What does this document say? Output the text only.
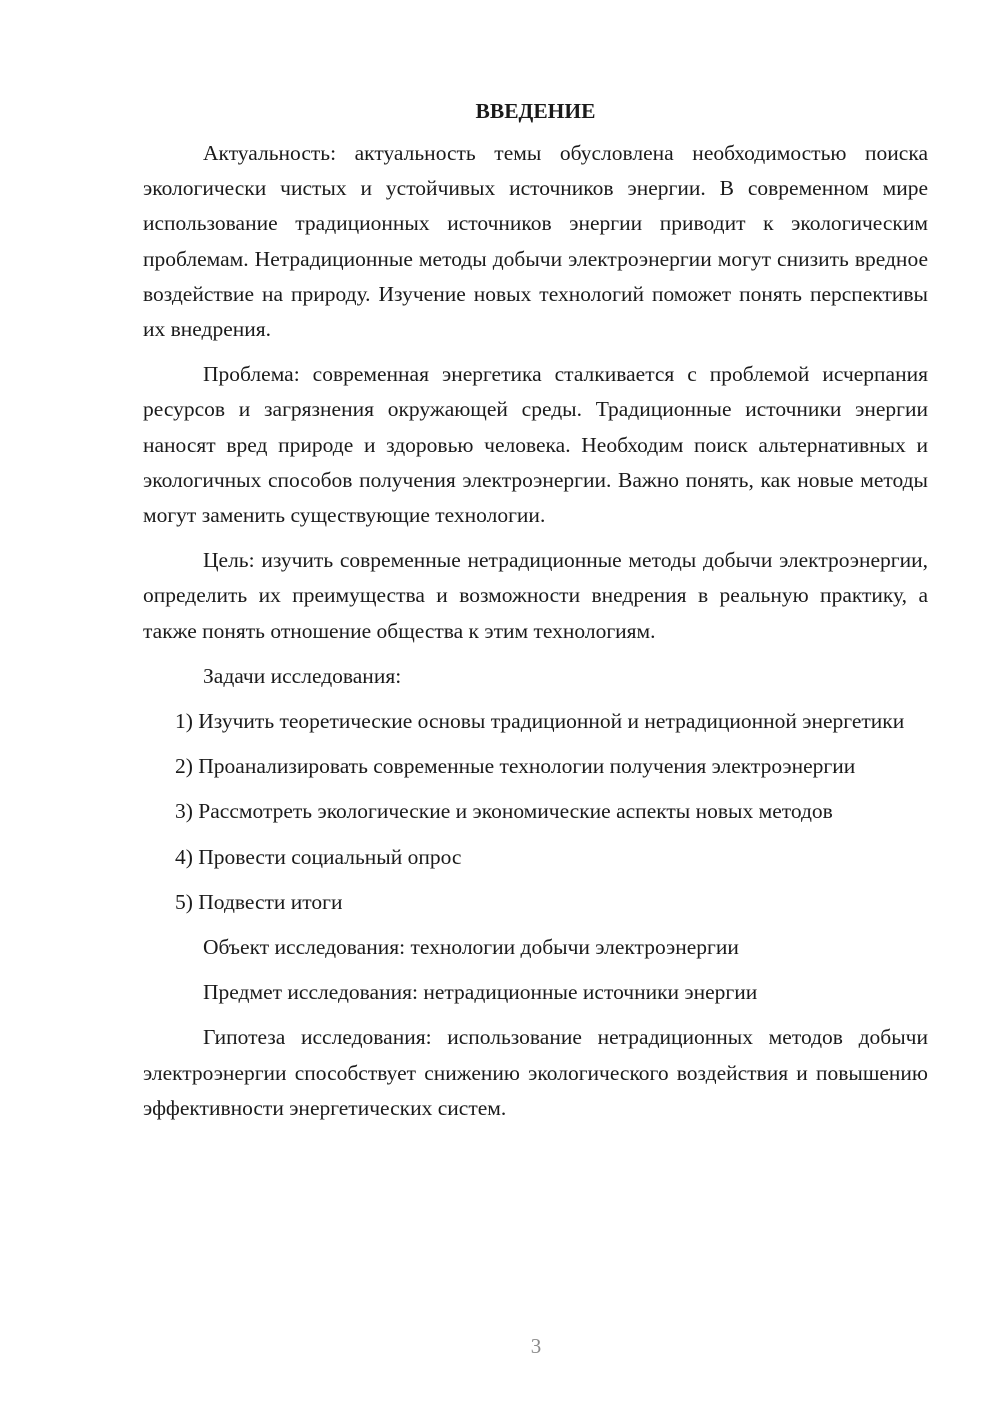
ВВЕДЕНИЕ

Актуальность: актуальность темы обусловлена необходимостью поиска экологически чистых и устойчивых источников энергии. В современном мире использование традиционных источников энергии приводит к экологическим проблемам. Нетрадиционные методы добычи электроэнергии могут снизить вредное воздействие на природу. Изучение новых технологий поможет понять перспективы их внедрения.

Проблема: современная энергетика сталкивается с проблемой исчерпания ресурсов и загрязнения окружающей среды. Традиционные источники энергии наносят вред природе и здоровью человека. Необходим поиск альтернативных и экологичных способов получения электроэнергии. Важно понять, как новые методы могут заменить существующие технологии.

Цель: изучить современные нетрадиционные методы добычи электроэнергии, определить их преимущества и возможности внедрения в реальную практику, а также понять отношение общества к этим технологиям.

Задачи исследования:

1) Изучить теоретические основы традиционной и нетрадиционной энергетики

2) Проанализировать современные технологии получения электроэнергии

3) Рассмотреть экологические и экономические аспекты новых методов

4) Провести социальный опрос

5) Подвести итоги

Объект исследования: технологии добычи электроэнергии

Предмет исследования: нетрадиционные источники энергии

Гипотеза исследования: использование нетрадиционных методов добычи электроэнергии способствует снижению экологического воздействия и повышению эффективности энергетических систем.

3
